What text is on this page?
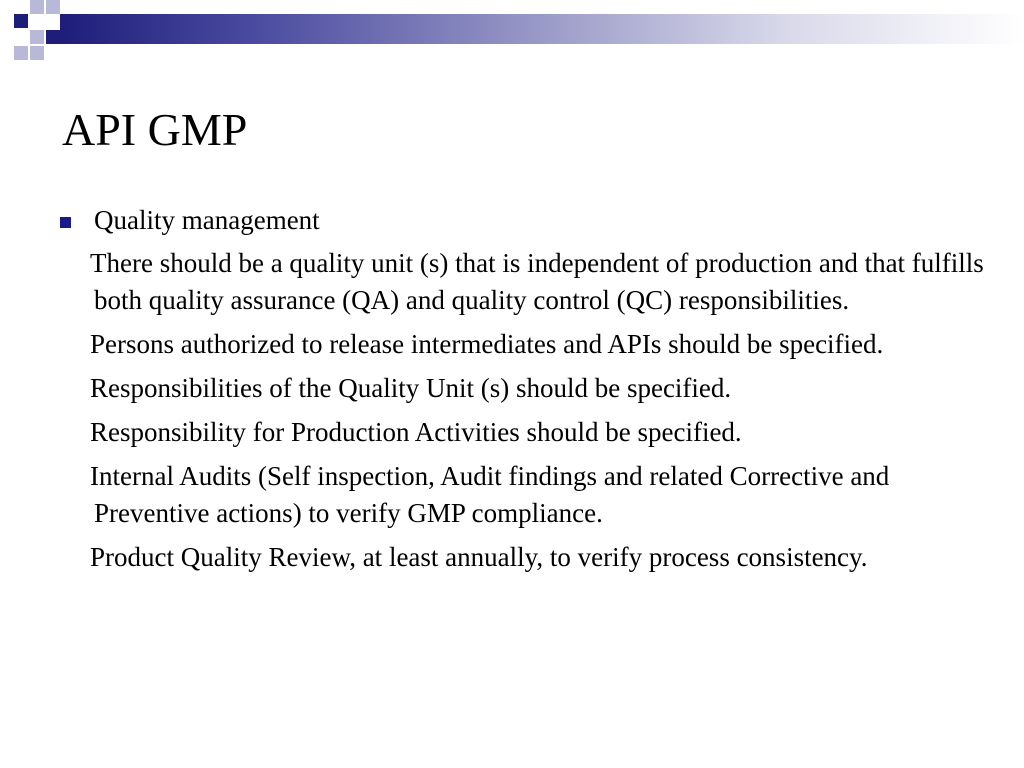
API GMP
Quality management
There should be a quality unit (s) that is independent of production and that fulfills both quality assurance (QA) and quality control (QC) responsibilities.
Persons authorized to release intermediates and APIs should be specified.
Responsibilities of the Quality Unit (s) should be specified.
Responsibility for Production Activities should be specified.
Internal Audits (Self inspection, Audit findings and related Corrective and Preventive actions) to verify GMP compliance.
Product Quality Review, at least annually, to verify process consistency.
